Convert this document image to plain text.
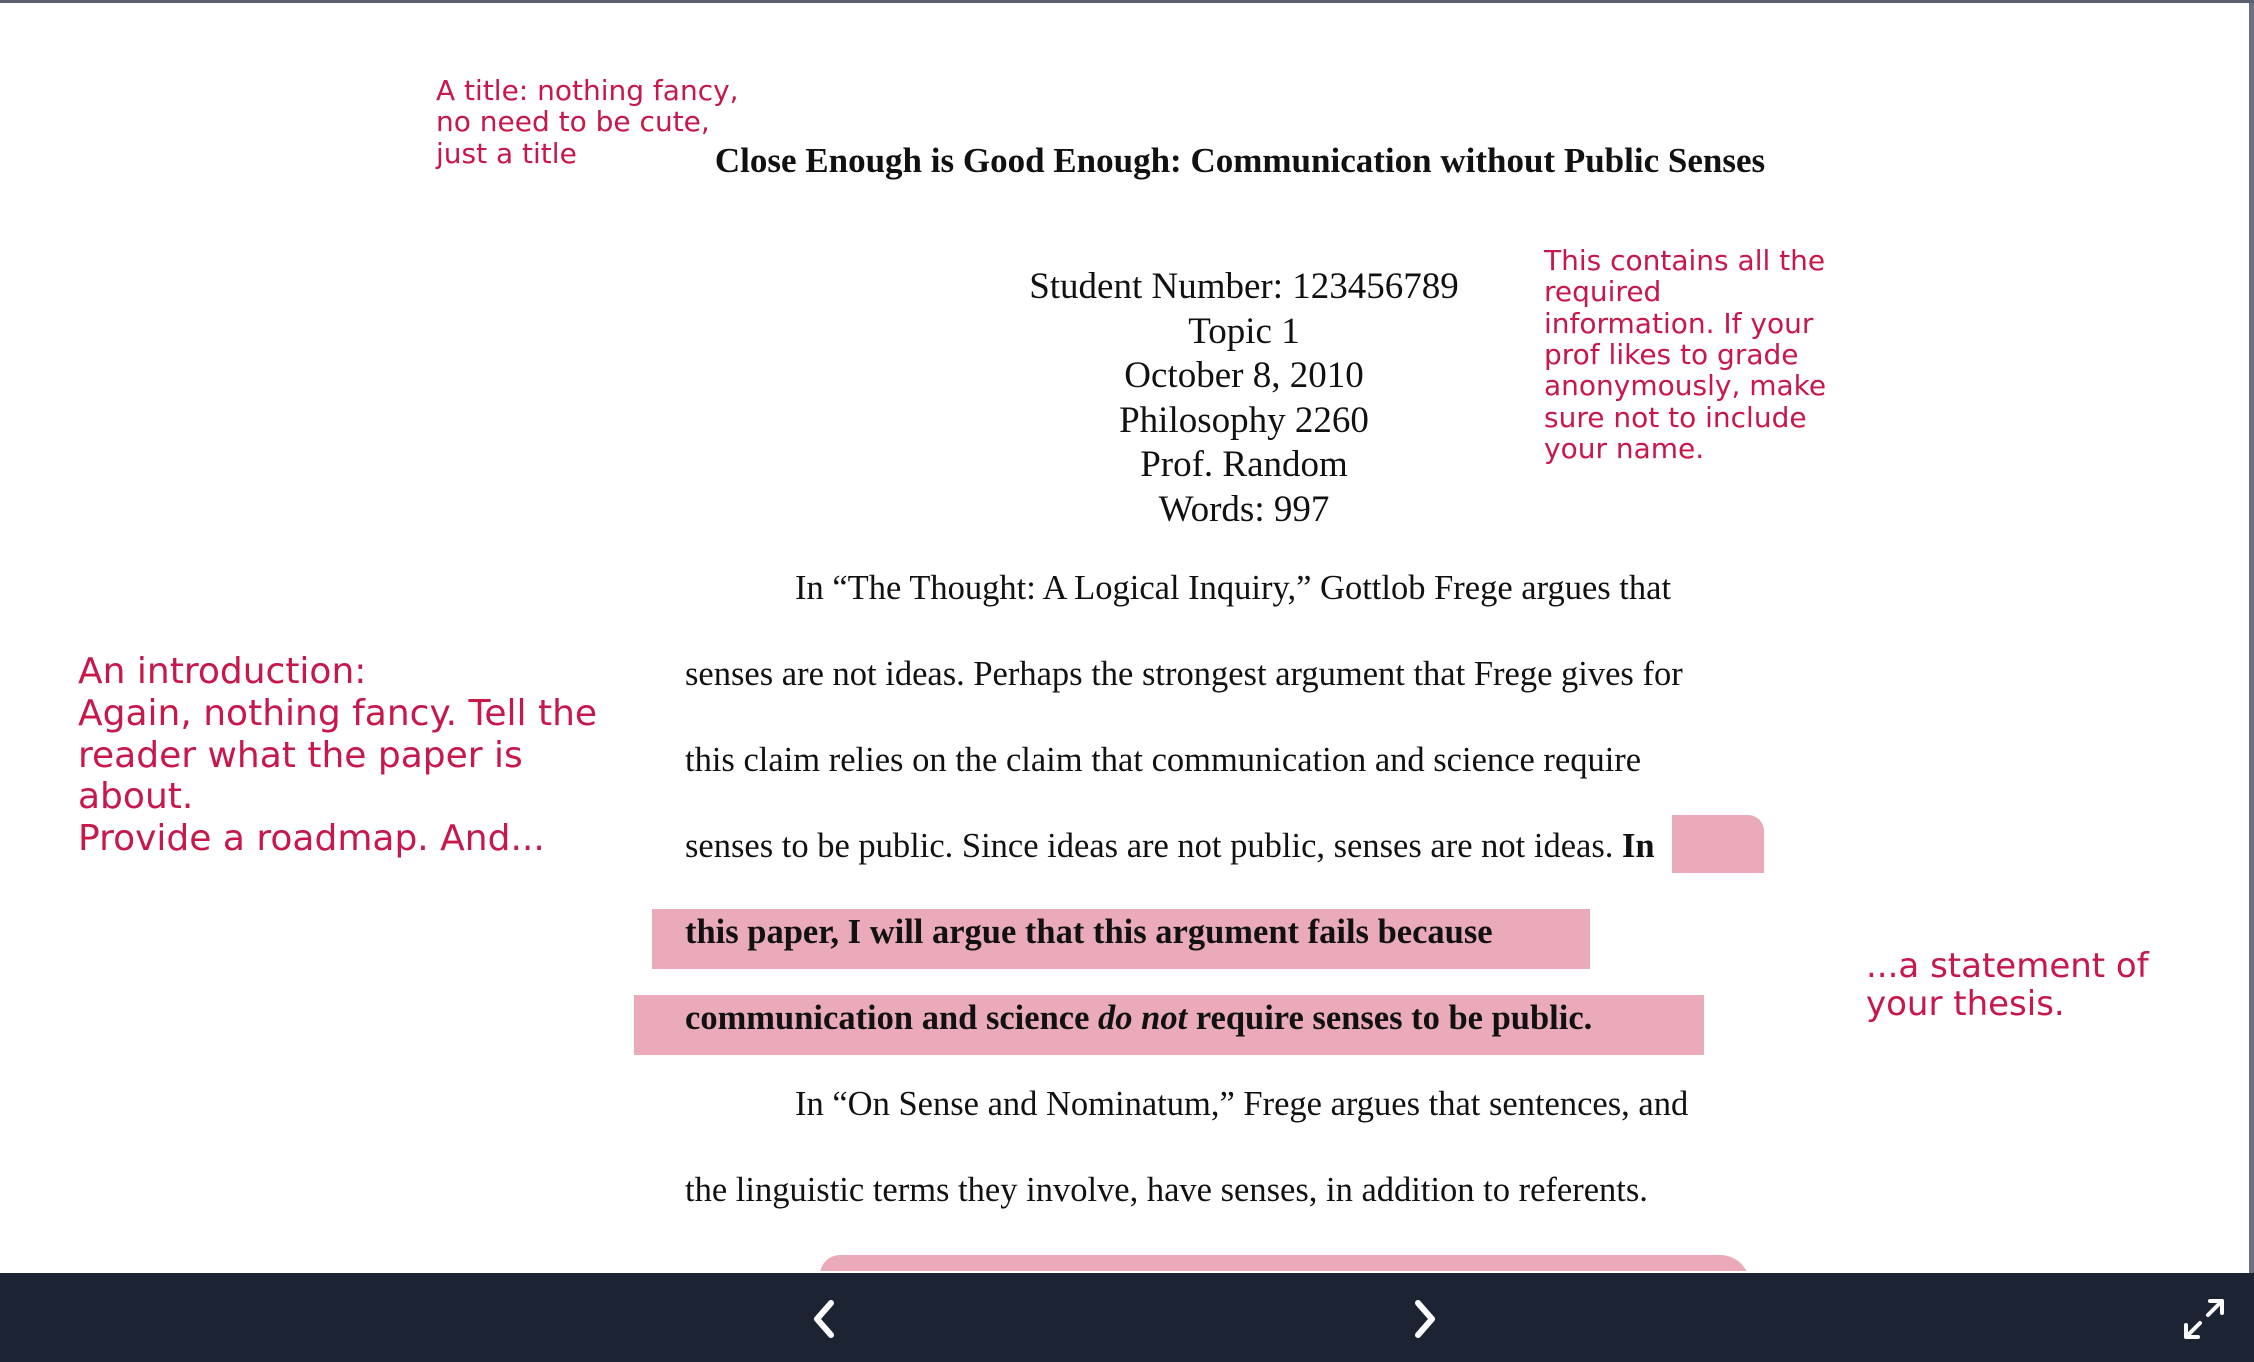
A title: nothing fancy,
no need to be cute,
just a title	Close Enough is Good Enough: Communication without Public Senses
Student Number: 123456789
Topic 1
October 8, 2010
Philosophy 2260
Prof. Random
Words: 997
This contains all the
required
information. If your
prof likes to grade
anonymously, make
sure not to include
your name.
An introduction:
Again, nothing fancy. Tell the
reader what the paper is about.
Provide a roadmap. And...
In “The Thought: A Logical Inquiry,” Gottlob Frege argues that
senses are not ideas. Perhaps the strongest argument that Frege gives for
this claim relies on the claim that communication and science require
senses to be public. Since ideas are not public, senses are not ideas. In
this paper, I will argue that this argument fails because
communication and science do not require senses to be public.
In “On Sense and Nominatum,” Frege argues that sentences, and
the linguistic terms they involve, have senses, in addition to referents.
...a statement of
your thesis.
